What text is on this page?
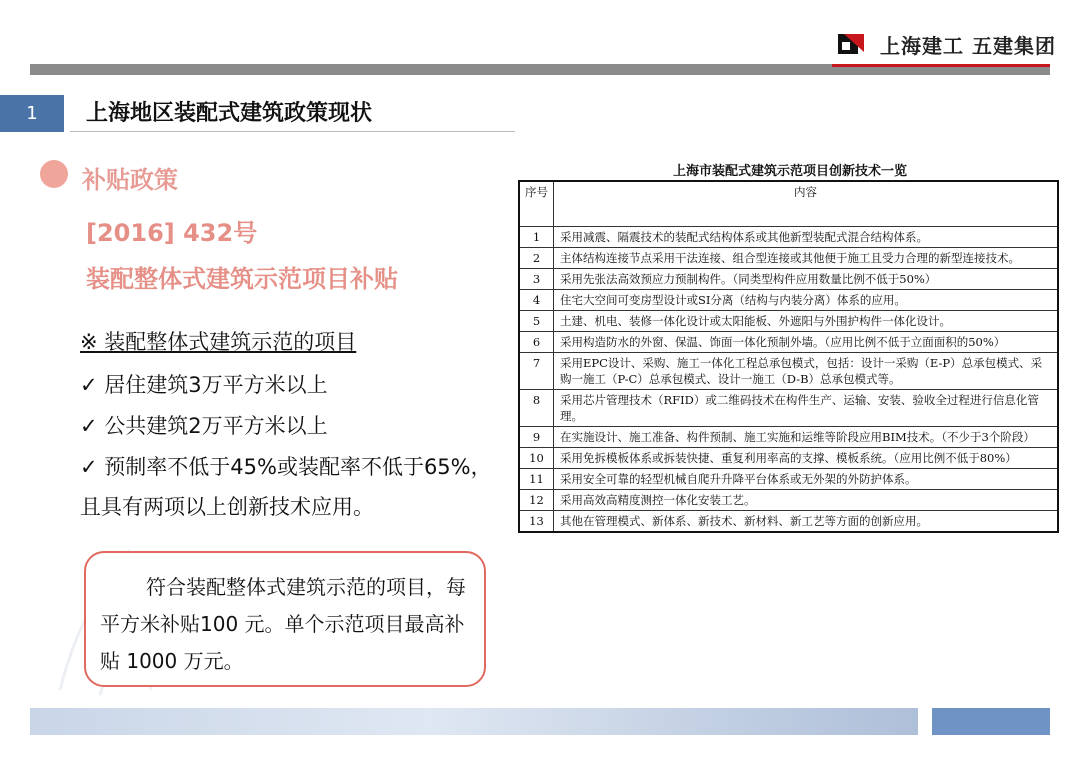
上海建工 五建集团
1	上海地区装配式建筑政策现状
补贴政策
[2016] 432号
装配整体式建筑示范项目补贴
※ 装配整体式建筑示范的项目
✓ 居住建筑3万平方米以上
✓ 公共建筑2万平方米以上
✓ 预制率不低于45%或装配率不低于65%，
且具有两项以上创新技术应用。
符合装配整体式建筑示范的项目，每平方米补贴100 元。单个示范项目最高补贴 1000 万元。
上海市装配式建筑示范项目创新技术一览
序号	内容
1	采用减震、隔震技术的装配式结构体系或其他新型装配式混合结构体系。
2	主体结构连接节点采用干法连接、组合型连接或其他便于施工且受力合理的新型连接技术。
3	采用先张法高效预应力预制构件。（同类型构件应用数量比例不低于50%）
4	住宅大空间可变房型设计或SI分离（结构与内装分离）体系的应用。
5	土建、机电、装修一体化设计或太阳能板、外遮阳与外围护构件一体化设计。
6	采用构造防水的外窗、保温、饰面一体化预制外墙。（应用比例不低于立面面积的50%）
7	采用EPC设计、采购、施工一体化工程总承包模式，包括：设计一采购（E-P）总承包模式、采购一施工（P-C）总承包模式、设计一施工（D-B）总承包模式等。
8	采用芯片管理技术（RFID）或二维码技术在构件生产、运输、安装、验收全过程进行信息化管理。
9	在实施设计、施工准备、构件预制、施工实施和运维等阶段应用BIM技术。（不少于3个阶段）
10	采用免拆模板体系或拆装快捷、重复利用率高的支撑、模板系统。（应用比例不低于80%）
11	采用安全可靠的轻型机械自爬升升降平台体系或无外架的外防护体系。
12	采用高效高精度测控一体化安装工艺。
13	其他在管理模式、新体系、新技术、新材料、新工艺等方面的创新应用。
